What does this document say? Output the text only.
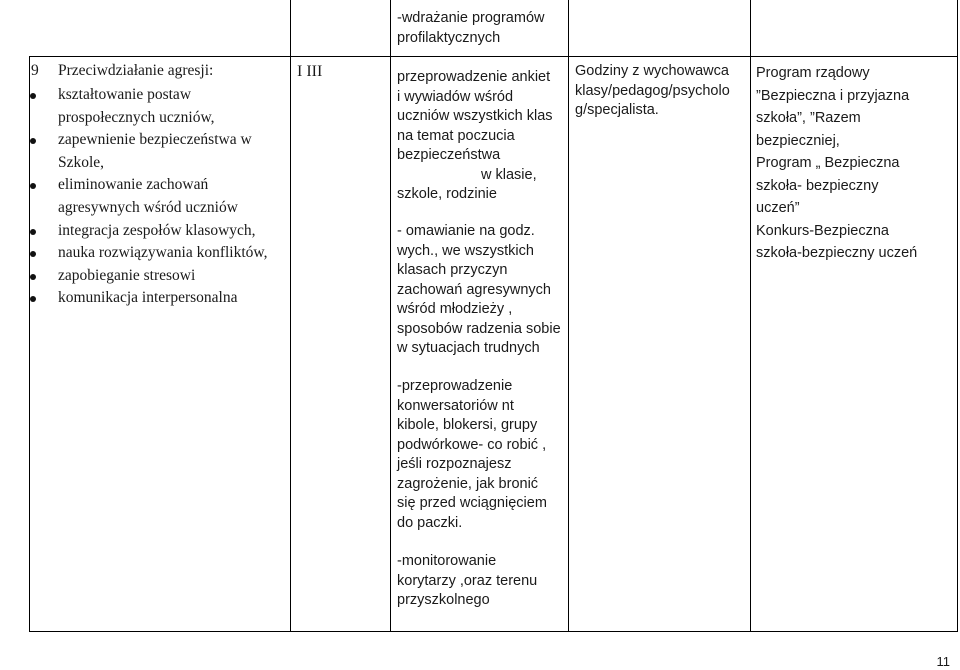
-wdrażanie programów
profilaktycznych
9 Przeciwdziałanie agresji:
kształtowanie postaw prospołecznych uczniów,
zapewnienie bezpieczeństwa w Szkole,
eliminowanie zachowań agresywnych wśród uczniów
integracja zespołów klasowych,
nauka rozwiązywania konfliktów,
zapobieganie stresowi
komunikacja interpersonalna
I III	przeprowadzenie ankiet
i wywiadów wśród
uczniów wszystkich klas
na temat poczucia
bezpieczeństwa
w klasie,
szkole, rodzinie
- omawianie na godz.
wych., we wszystkich
klasach przyczyn
zachowań agresywnych
wśród młodzieży ,
sposobów radzenia sobie
w sytuacjach trudnych
-przeprowadzenie
konwersatoriów nt
kibole, blokersi, grupy
podwórkowe- co robić ,
jeśli rozpoznajesz
zagrożenie, jak bronić
się przed wciągnięciem
do paczki.
-monitorowanie
korytarzy ,oraz terenu
przyszkolnego
Godziny z wychowawca
klasy/pedagog/psycholo
g/specjalista.
Program rządowy
”Bezpieczna i przyjazna
szkoła”, ”Razem
bezpieczniej,
Program „ Bezpieczna
szkoła- bezpieczny
uczeń”
Konkurs-Bezpieczna
szkoła-bezpieczny uczeń
11
